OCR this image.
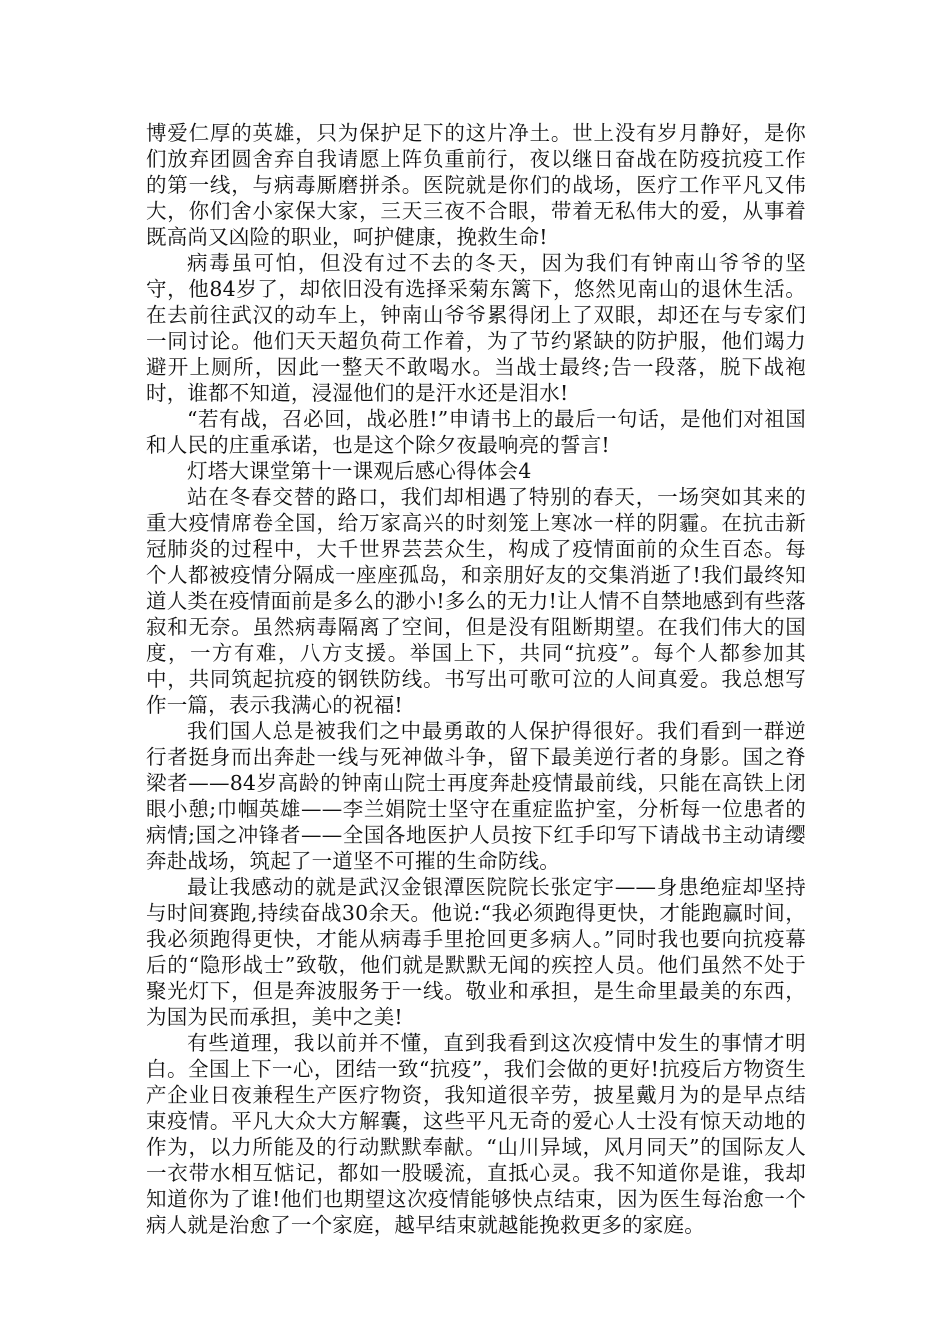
博爱仁厚的英雄，只为保护足下的这片净土。世上没有岁月静好，是你们放弃团圆舍弃自我请愿上阵负重前行，夜以继日奋战在防疫抗疫工作的第一线，与病毒厮磨拼杀。医院就是你们的战场，医疗工作平凡又伟大，你们舍小家保大家，三天三夜不合眼，带着无私伟大的爱，从事着既高尚又凶险的职业，呵护健康，挽救生命!

病毒虽可怕，但没有过不去的冬天，因为我们有钟南山爷爷的坚守，他84岁了，却依旧没有选择采菊东篱下，悠然见南山的退休生活。在去前往武汉的动车上，钟南山爷爷累得闭上了双眼，却还在与专家们一同讨论。他们天天超负荷工作着，为了节约紧缺的防护服，他们竭力避开上厕所，因此一整天不敢喝水。当战士最终;告一段落，脱下战袍时，谁都不知道，浸湿他们的是汗水还是泪水!

“若有战，召必回，战必胜!”申请书上的最后一句话，是他们对祖国和人民的庄重承诺，也是这个除夕夜最响亮的誓言!

灯塔大课堂第十一课观后感心得体会4

站在冬春交替的路口，我们却相遇了特别的春天，一场突如其来的重大疫情席卷全国，给万家高兴的时刻笼上寒冰一样的阴霾。在抗击新冠肺炎的过程中，大千世界芸芸众生，构成了疫情面前的众生百态。每个人都被疫情分隔成一座座孤岛，和亲朋好友的交集消逝了!我们最终知道人类在疫情面前是多么的渺小!多么的无力!让人情不自禁地感到有些落寂和无奈。虽然病毒隔离了空间，但是没有阻断期望。在我们伟大的国度，一方有难，八方支援。举国上下，共同“抗疫”。每个人都参加其中，共同筑起抗疫的钢铁防线。书写出可歌可泣的人间真爱。我总想写作一篇，表示我满心的祝福!

我们国人总是被我们之中最勇敢的人保护得很好。我们看到一群逆行者挺身而出奔赴一线与死神做斗争，留下最美逆行者的身影。国之脊梁者——84岁高龄的钟南山院士再度奔赴疫情最前线，只能在高铁上闭眼小憩;巾帼英雄——李兰娟院士坚守在重症监护室，分析每一位患者的病情;国之冲锋者——全国各地医护人员按下红手印写下请战书主动请缨奔赴战场，筑起了一道坚不可摧的生命防线。

最让我感动的就是武汉金银潭医院院长张定宇——身患绝症却坚持与时间赛跑,持续奋战30余天。他说:“我必须跑得更快，才能跑赢时间，我必须跑得更快，才能从病毒手里抢回更多病人。”同时我也要向抗疫幕后的“隐形战士”致敬，他们就是默默无闻的疾控人员。他们虽然不处于聚光灯下，但是奔波服务于一线。敬业和承担，是生命里最美的东西，为国为民而承担，美中之美!

有些道理，我以前并不懂，直到我看到这次疫情中发生的事情才明白。全国上下一心，团结一致“抗疫”，我们会做的更好!抗疫后方物资生产企业日夜兼程生产医疗物资，我知道很辛劳，披星戴月为的是早点结束疫情。平凡大众大方解囊，这些平凡无奇的爱心人士没有惊天动地的作为，以力所能及的行动默默奉献。“山川异域，风月同天”的国际友人一衣带水相互惦记，都如一股暖流，直抵心灵。我不知道你是谁，我却知道你为了谁!他们也期望这次疫情能够快点结束，因为医生每治愈一个病人就是治愈了一个家庭，越早结束就越能挽救更多的家庭。
